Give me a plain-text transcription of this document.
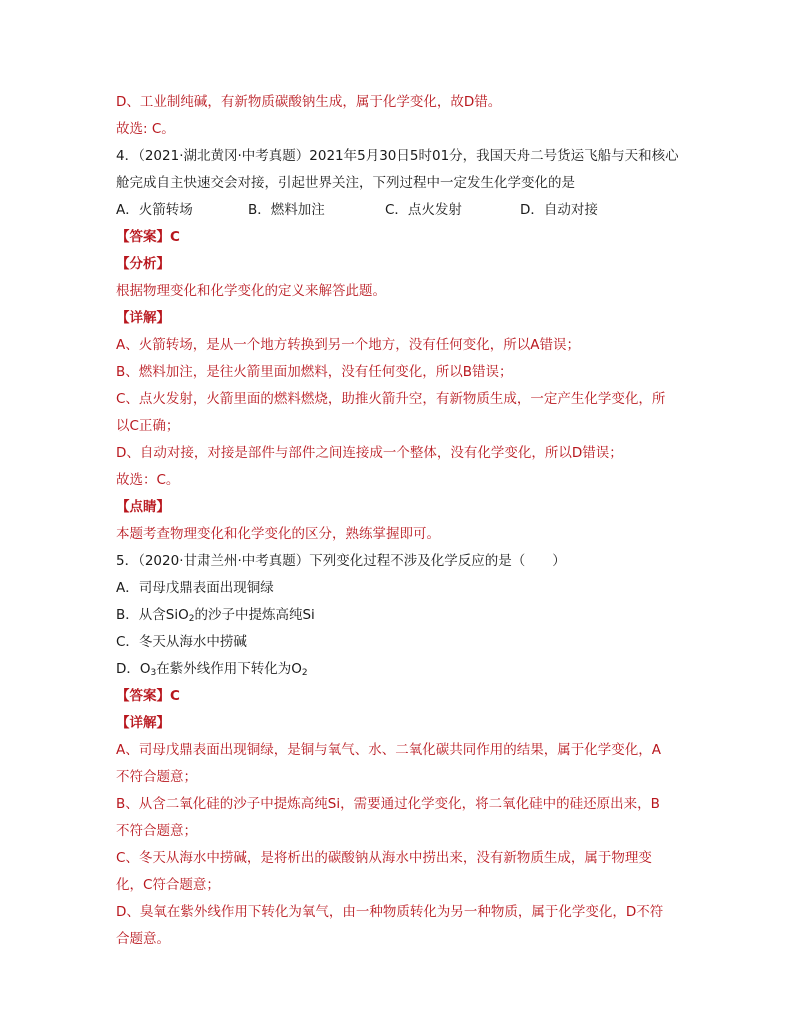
D、工业制纯碱，有新物质碳酸钠生成，属于化学变化，故D错。
故选: C。
4．（2021·湖北黄冈·中考真题）2021年5月30日5时01分，我国天舟二号货运飞船与天和核心
舱完成自主快速交会对接，引起世界关注，下列过程中一定发生化学变化的是
A．火箭转场	B．燃料加注	C．点火发射	D．自动对接
【答案】C
【分析】
根据物理变化和化学变化的定义来解答此题。
【详解】
A、火箭转场，是从一个地方转换到另一个地方，没有任何变化，所以A错误；
B、燃料加注，是往火箭里面加燃料，没有任何变化，所以B错误；
C、点火发射，火箭里面的燃料燃烧，助推火箭升空，有新物质生成，一定产生化学变化，所
以C正确；
D、自动对接，对接是部件与部件之间连接成一个整体，没有化学变化，所以D错误；
故选：C。
【点睛】
本题考查物理变化和化学变化的区分，熟练掌握即可。
5．（2020·甘肃兰州·中考真题）下列变化过程不涉及化学反应的是（　　）
A．司母戊鼎表面出现铜绿
B．从含SiO$_2$的沙子中提炼高纯Si
C．冬天从海水中捞碱
D．$O_3$在紫外线作用下转化为$O_2$
【答案】C
【详解】
A、司母戊鼎表面出现铜绿，是铜与氧气、水、二氧化碳共同作用的结果，属于化学变化，A
不符合题意；
B、从含二氧化硅的沙子中提炼高纯Si，需要通过化学变化，将二氧化硅中的硅还原出来，B
不符合题意；
C、冬天从海水中捞碱，是将析出的碳酸钠从海水中捞出来，没有新物质生成，属于物理变
化，C符合题意；
D、臭氧在紫外线作用下转化为氧气，由一种物质转化为另一种物质，属于化学变化，D不符
合题意。
